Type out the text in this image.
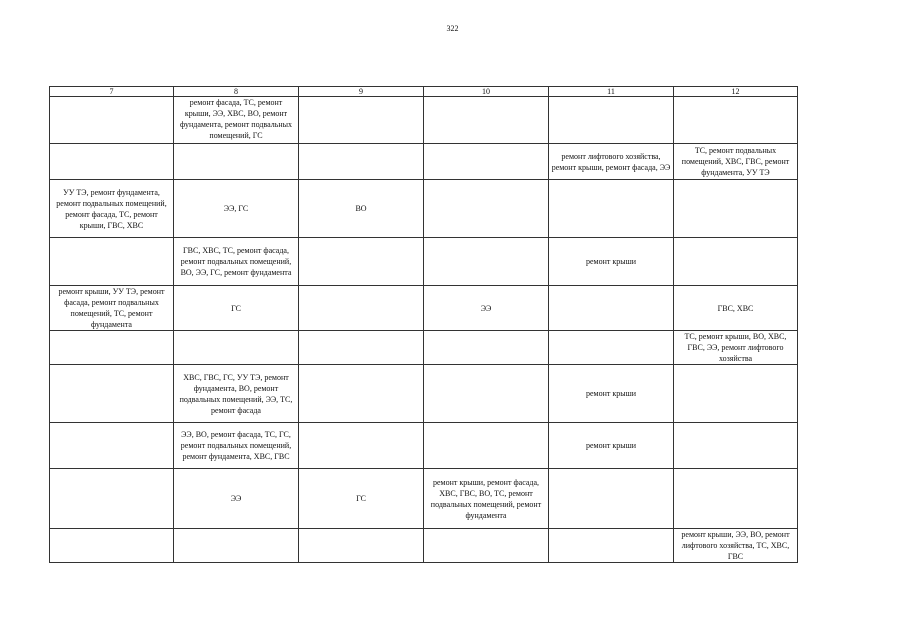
322
7	8	9	10	11	12
	ремонт фасада, ТС, ремонт крыши, ЭЭ, ХВС, ВО, ремонт фундамента, ремонт подвальных помещений, ГС				
				ремонт лифтового хозяйства, ремонт крыши, ремонт фасада, ЭЭ	ТС, ремонт подвальных помещений, ХВС, ГВС, ремонт фундамента, УУ ТЭ
УУ ТЭ, ремонт фундамента, ремонт подвальных помещений, ремонт фасада, ТС, ремонт крыши, ГВС, ХВС	ЭЭ, ГС	ВО			
	ГВС, ХВС, ТС, ремонт фасада, ремонт подвальных помещений, ВО, ЭЭ, ГС, ремонт фундамента			ремонт крыши	
ремонт крыши, УУ ТЭ, ремонт фасада, ремонт подвальных помещений, ТС, ремонт фундамента	ГС		ЭЭ		ГВС, ХВС
					ТС, ремонт крыши, ВО, ХВС, ГВС, ЭЭ, ремонт лифтового хозяйства
	ХВС, ГВС, ГС, УУ ТЭ, ремонт фундамента, ВО, ремонт подвальных помещений, ЭЭ, ТС, ремонт фасада			ремонт крыши	
	ЭЭ, ВО, ремонт фасада, ТС, ГС, ремонт подвальных помещений, ремонт фундамента, ХВС, ГВС			ремонт крыши	
	ЭЭ	ГС	ремонт крыши, ремонт фасада, ХВС, ГВС, ВО, ТС, ремонт подвальных помещений, ремонт фундамента		
					ремонт крыши, ЭЭ, ВО, ремонт лифтового хозяйства, ТС, ХВС, ГВС
